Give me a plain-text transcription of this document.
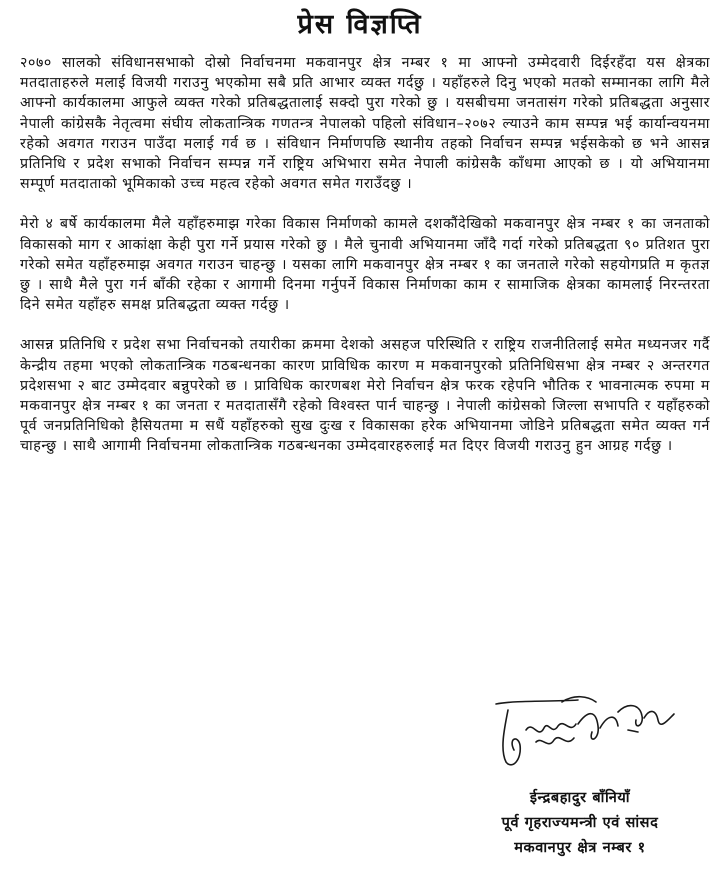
प्रेस विज्ञप्ति

२०७० सालको संविधानसभाको दोस्रो निर्वाचनमा मकवानपुर क्षेत्र नम्बर १ मा आफ्नो उम्मेदवारी दिईरहँदा यस क्षेत्रका मतदाताहरुले मलाई विजयी गराउनु भएकोमा सबै प्रति आभार व्यक्त गर्दछु । यहाँहरुले दिनु भएको मतको सम्मानका लागि मैले आफ्नो कार्यकालमा आफुले व्यक्त गरेको प्रतिबद्धतालाई सक्दो पुरा गरेको छु । यसबीचमा जनतासंग गरेको प्रतिबद्धता अनुसार नेपाली कांग्रेसकै नेतृत्वमा संघीय लोकतान्त्रिक गणतन्त्र नेपालको पहिलो संविधान–२०७२ ल्याउने काम सम्पन्न भई कार्यान्वयनमा रहेको अवगत गराउन पाउँदा मलाई गर्व छ । संविधान निर्माणपछि स्थानीय तहको निर्वाचन सम्पन्न भईसकेको छ भने आसन्न प्रतिनिधि र प्रदेश सभाको निर्वाचन सम्पन्न गर्ने राष्ट्रिय अभिभारा समेत नेपाली कांग्रेसकै काँधमा आएको छ । यो अभियानमा सम्पूर्ण मतदाताको भूमिकाको उच्च महत्व रहेको अवगत समेत गराउँदछु ।

मेरो ४ बर्षे कार्यकालमा मैले यहाँहरुमाझ गरेका विकास निर्माणको कामले दशकौंदेखिको मकवानपुर क्षेत्र नम्बर १ का जनताको विकासको माग र आकांक्षा केही पुरा गर्ने प्रयास गरेको छु । मैले चुनावी अभियानमा जाँदै गर्दा गरेको प्रतिबद्धता ९० प्रतिशत पुरा गरेको समेत यहाँहरुमाझ अवगत गराउन चाहन्छु । यसका लागि मकवानपुर क्षेत्र नम्बर १ का जनताले गरेको सहयोगप्रति म कृतज्ञ छु । साथै मैले पुरा गर्न बाँकी रहेका र आगामी दिनमा गर्नुपर्ने विकास निर्माणका काम र सामाजिक क्षेत्रका कामलाई निरन्तरता दिने समेत यहाँहरु समक्ष प्रतिबद्धता व्यक्त गर्दछु ।

आसन्न प्रतिनिधि र प्रदेश सभा निर्वाचनको तयारीका क्रममा देशको असहज परिस्थिति र राष्ट्रिय राजनीतिलाई समेत मध्यनजर गर्दै केन्द्रीय तहमा भएको लोकतान्त्रिक गठबन्धनका कारण प्राविधिक कारण म मकवानपुरको प्रतिनिधिसभा क्षेत्र नम्बर २ अन्तरगत प्रदेशसभा २ बाट उम्मेदवार बन्नुपरेको छ । प्राविधिक कारणबश मेरो निर्वाचन क्षेत्र फरक रहेपनि भौतिक र भावनात्मक रुपमा म मकवानपुर क्षेत्र नम्बर १ का जनता र मतदातासँगै रहेको विश्वस्त पार्न चाहन्छु । नेपाली कांग्रेसको जिल्ला सभापति र यहाँहरुको पूर्व जनप्रतिनिधिको हैसियतमा म सधैं यहाँहरुको सुख दुःख र विकासका हरेक अभियानमा जोडिने प्रतिबद्धता समेत व्यक्त गर्न चाहन्छु । साथै आगामी निर्वाचनमा लोकतान्त्रिक गठबन्धनका उम्मेदवारहरुलाई मत दिएर विजयी गराउनु हुन आग्रह गर्दछु ।

ईन्द्रबहादुर बाँनियाँ

पूर्व गृहराज्यमन्त्री एवं सांसद

मकवानपुर क्षेत्र नम्बर १
